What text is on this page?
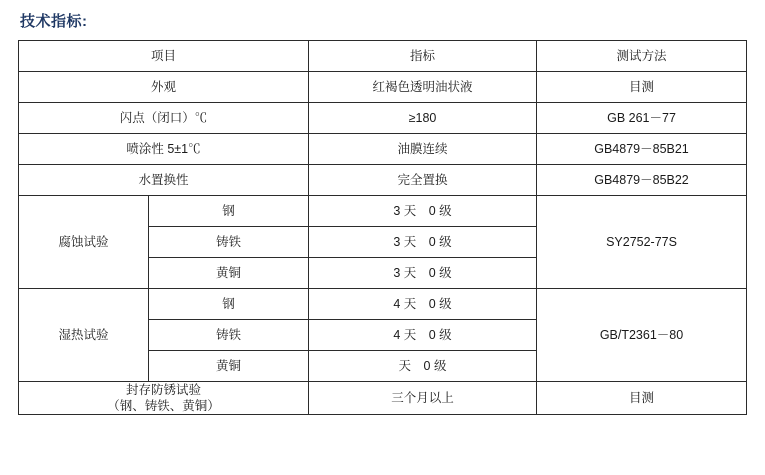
技术指标:
项目		指标	测试方法
外观		红褐色透明油状液	目测
闪点（闭口）℃		≥180	GB 261－77
喷涂性 5±1℃		油膜连续	GB4879－85B21
水置换性		完全置换	GB4879－85B22
腐蚀试验	钢	3 天　0 级	SY2752-77S
	铸铁	3 天　0 级	
	黄铜	3 天　0 级	
湿热试验	钢	4 天　0 级	GB/T2361－80
	铸铁	4 天　0 级	
	黄铜	天　0 级	

封存防锈试验
（钢、铸铁、黄铜）		三个月以上	目测
